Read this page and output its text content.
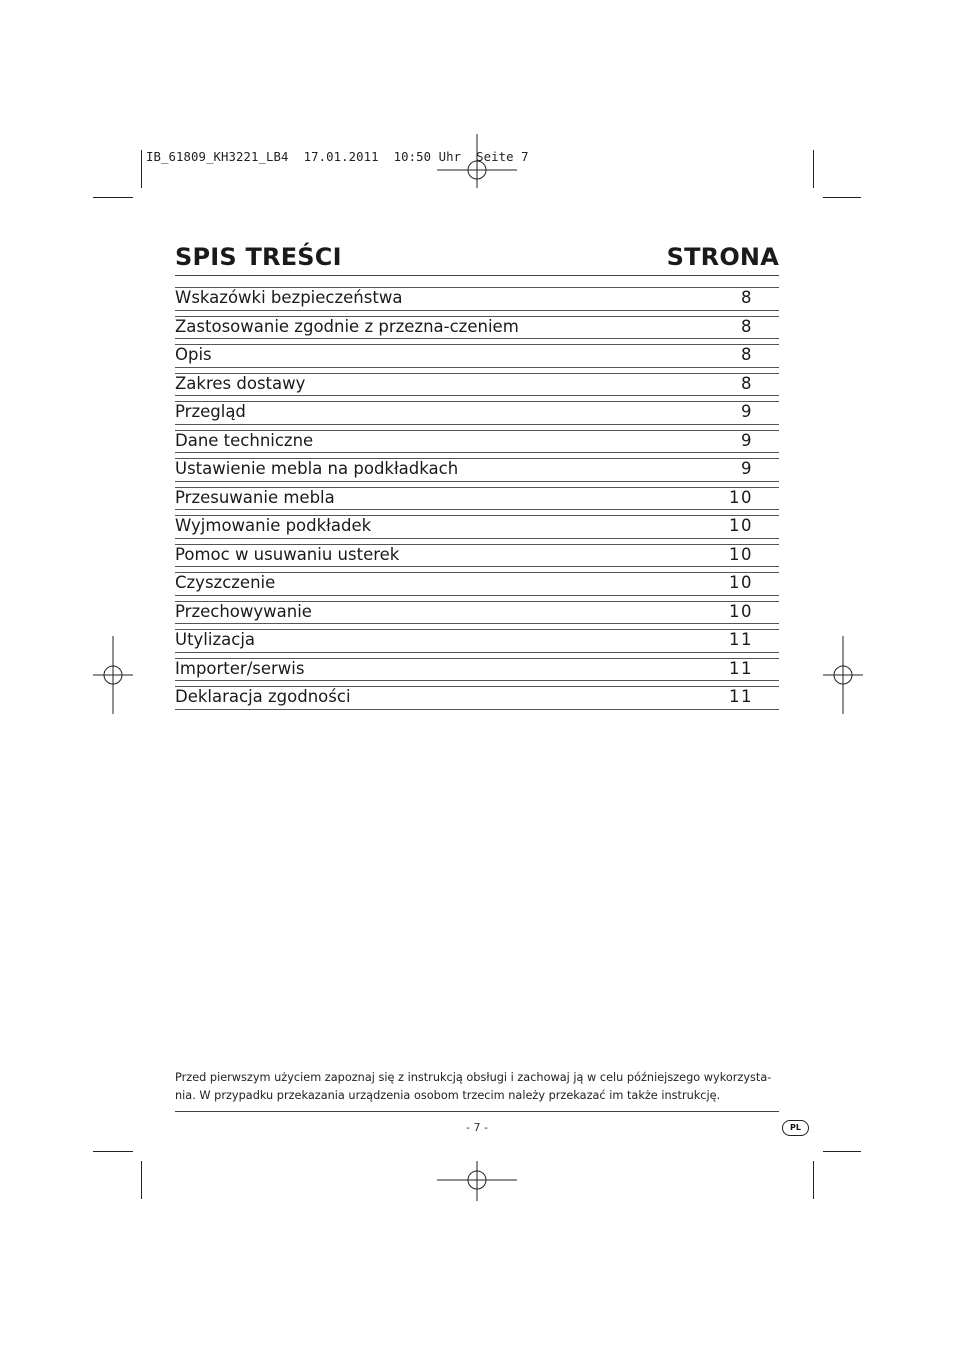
IB_61809_KH3221_LB4  17.01.2011  10:50 Uhr  Seite 7
SPIS TREŚCI	STRONA
Wskazówki bezpieczeństwa	8
Zastosowanie zgodnie z przezna-czeniem	8
Opis	8
Zakres dostawy	8
Przegląd	9
Dane techniczne	9
Ustawienie mebla na podkładkach	9
Przesuwanie mebla	10
Wyjmowanie podkładek	10
Pomoc w usuwaniu usterek	10
Czyszczenie	10
Przechowywanie	10
Utylizacja	11
Importer/serwis	11
Deklaracja zgodności	11
Przed pierwszym użyciem zapoznaj się z instrukcją obsługi i zachowaj ją w celu późniejszego wykorzysta-
nia. W przypadku przekazania urządzenia osobom trzecim należy przekazać im także instrukcję.
- 7 -	PL
